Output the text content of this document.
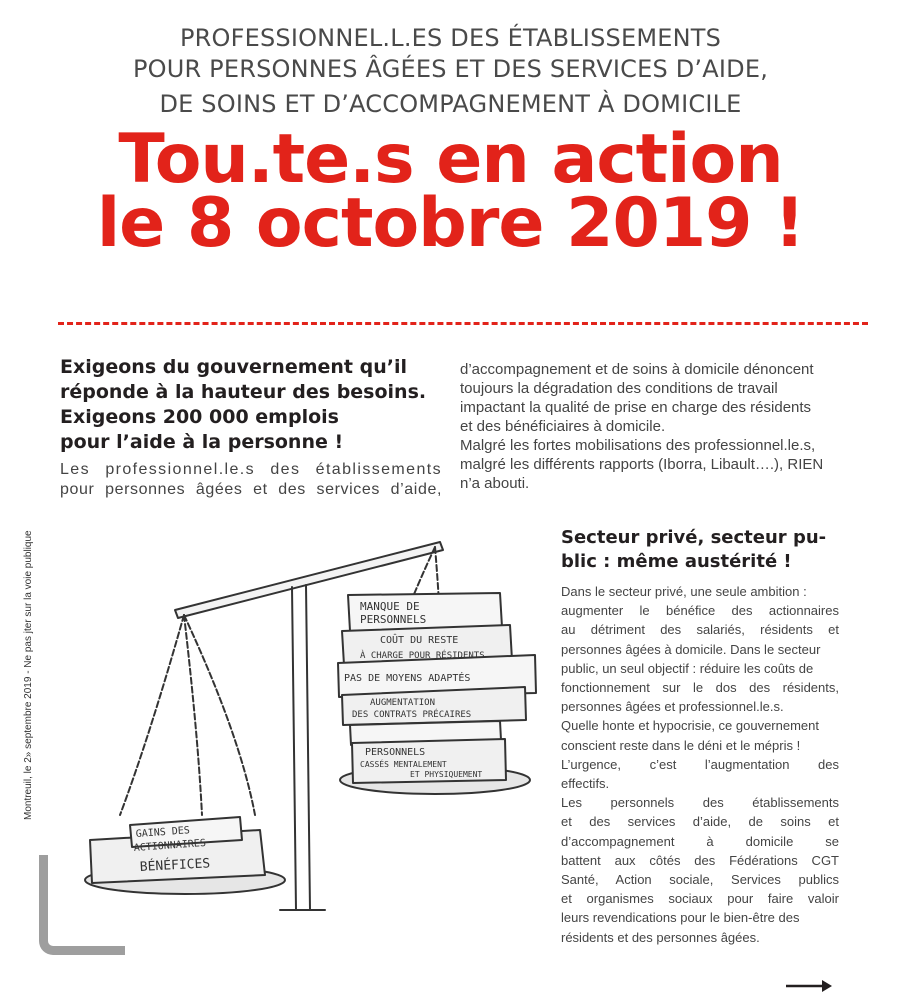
PROFESSIONNEL.L.ES DES ÉTABLISSEMENTS
POUR PERSONNES ÂGÉES ET DES SERVICES D’AIDE,
DE SOINS ET D’ACCOMPAGNEMENT À DOMICILE
Tou.te.s en action
le 8 octobre 2019 !
Exigeons du gouvernement qu’il
réponde à la hauteur des besoins.
Exigeons 200 000 emplois
pour l’aide à la personne !
Les professionnel.le.s des établissements
pour personnes âgées et des services d’aide,
d’accompagnement et de soins à domicile dénoncent
toujours la dégradation des conditions de travail
impactant la qualité de prise en charge des résidents
et des bénéficiaires à domicile.
Malgré les fortes mobilisations des professionnel.le.s,
malgré les différents rapports (Iborra, Libault….), RIEN
n’a abouti.
Montreuil, le 2» septembre 2019 - Ne pas jter sur la voie publique
GAINS DES
ACTIONNAIRES
BÉNÉFICES
MANQUE DE
PERSONNELS
COÛT DU RESTE
À CHARGE POUR RÉSIDENTS
PAS DE MOYENS ADAPTÉS
AUGMENTATION
DES CONTRATS PRÉCAIRES
PERSONNELS
CASSÉS MENTALEMENT
ET PHYSIQUEMENT
Secteur privé, secteur pu-
blic : même austérité !
Dans le secteur privé, une seule ambition :
augmenter le bénéfice des actionnaires
au détriment des salariés, résidents et
personnes âgées à domicile. Dans le secteur
public, un seul objectif : réduire les coûts de
fonctionnement sur le dos des résidents,
personnes âgées et professionnel.le.s.
Quelle honte et hypocrisie, ce gouvernement
conscient reste dans le déni et le mépris !
L’urgence, c’est l’augmentation des
effectifs.
Les personnels des établissements
et des services d’aide, de soins et
d’accompagnement à domicile se
battent aux côtés des Fédérations CGT
Santé, Action sociale, Services publics
et organismes sociaux pour faire valoir
leurs revendications pour le bien-être des
résidents et des personnes âgées.
